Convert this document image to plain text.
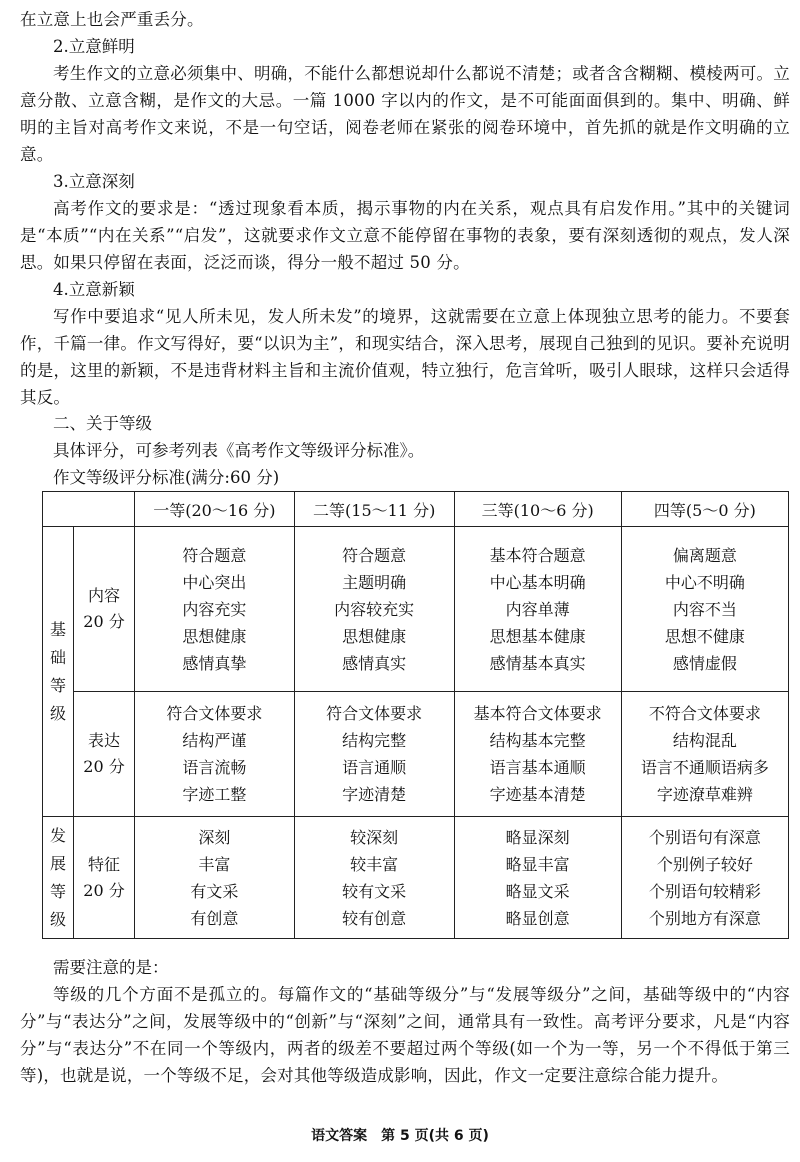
在立意上也会严重丢分。
2.立意鲜明
考生作文的立意必须集中、明确，不能什么都想说却什么都说不清楚；或者含含糊糊、模棱两可。立意分散、立意含糊，是作文的大忌。一篇 1000 字以内的作文，是不可能面面俱到的。集中、明确、鲜明的主旨对高考作文来说，不是一句空话，阅卷老师在紧张的阅卷环境中，首先抓的就是作文明确的立意。
3.立意深刻
高考作文的要求是：“透过现象看本质，揭示事物的内在关系，观点具有启发作用。”其中的关键词是“本质”“内在关系”“启发”，这就要求作文立意不能停留在事物的表象，要有深刻透彻的观点，发人深思。如果只停留在表面，泛泛而谈，得分一般不超过 50 分。
4.立意新颖
写作中要追求“见人所未见，发人所未发”的境界，这就需要在立意上体现独立思考的能力。不要套作，千篇一律。作文写得好，要“以识为主”，和现实结合，深入思考，展现自己独到的见识。要补充说明的是，这里的新颖，不是违背材料主旨和主流价值观，特立独行，危言耸听，吸引人眼球，这样只会适得其反。
二、关于等级
具体评分，可参考列表《高考作文等级评分标准》。
作文等级评分标准(满分:60 分)
		一等(20～16 分)	二等(15～11 分)	三等(10～6 分)	四等(5～0 分)

基
础
等
级	内容
20 分	符合题意
中心突出
内容充实
思想健康
感情真挚	符合题意
主题明确
内容较充实
思想健康
感情真实	基本符合题意
中心基本明确
内容单薄
思想基本健康
感情基本真实	偏离题意
中心不明确
内容不当
思想不健康
感情虚假

	表达
20 分	符合文体要求
结构严谨
语言流畅
字迹工整	符合文体要求
结构完整
语言通顺
字迹清楚	基本符合文体要求
结构基本完整
语言基本通顺
字迹基本清楚	不符合文体要求
结构混乱
语言不通顺语病多
字迹潦草难辨

发
展
等
级	特征
20 分	深刻
丰富
有文采
有创意	较深刻
较丰富
较有文采
较有创意	略显深刻
略显丰富
略显文采
略显创意	个别语句有深意
个别例子较好
个别语句较精彩
个别地方有深意
需要注意的是：
等级的几个方面不是孤立的。每篇作文的“基础等级分”与“发展等级分”之间，基础等级中的“内容分”与“表达分”之间，发展等级中的“创新”与“深刻”之间，通常具有一致性。高考评分要求，凡是“内容分”与“表达分”不在同一个等级内，两者的级差不要超过两个等级(如一个为一等，另一个不得低于第三等)，也就是说，一个等级不足，会对其他等级造成影响，因此，作文一定要注意综合能力提升。
语文答案　第 5 页(共 6 页)
